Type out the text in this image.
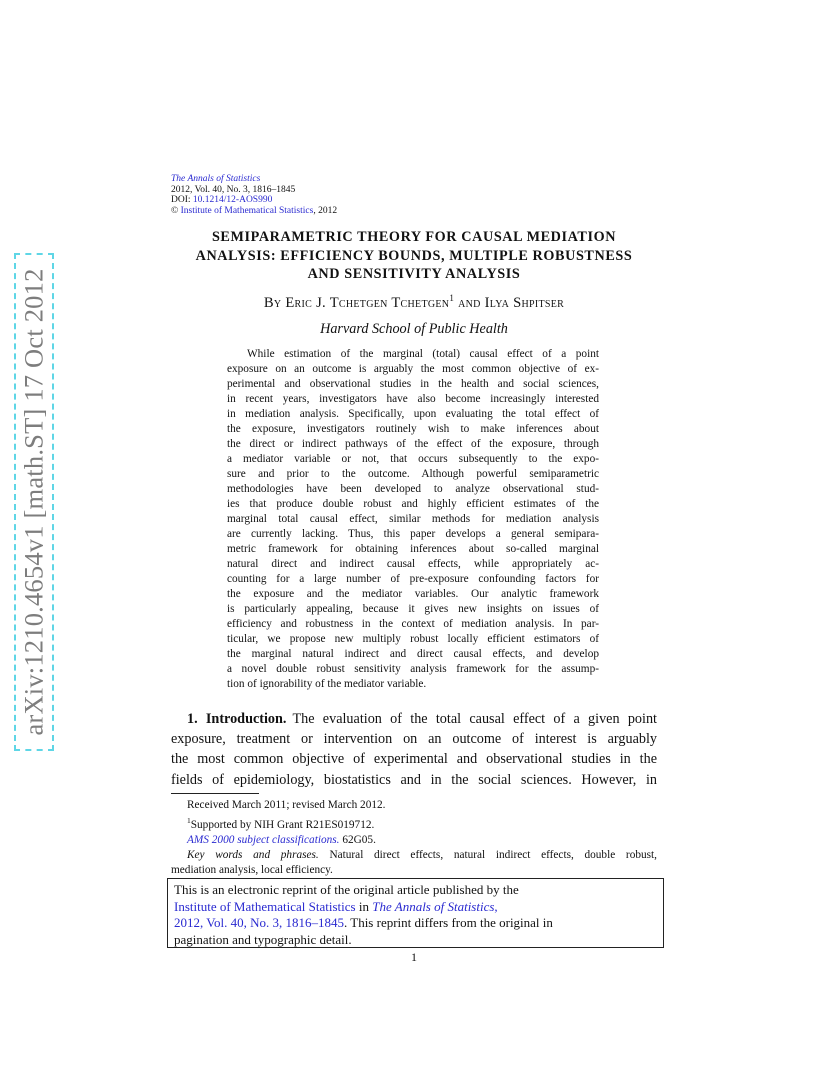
arXiv:1210.4654v1 [math.ST] 17 Oct 2012
The Annals of Statistics
2012, Vol. 40, No. 3, 1816–1845
DOI: 10.1214/12-AOS990
© Institute of Mathematical Statistics, 2012
SEMIPARAMETRIC THEORY FOR CAUSAL MEDIATION
ANALYSIS: EFFICIENCY BOUNDS, MULTIPLE ROBUSTNESS
AND SENSITIVITY ANALYSIS
By Eric J. Tchetgen Tchetgen$^1$ and Ilya Shpitser
Harvard School of Public Health
While estimation of the marginal (total) causal effect of a point
exposure on an outcome is arguably the most common objective of ex-
perimental and observational studies in the health and social sciences,
in recent years, investigators have also become increasingly interested
in mediation analysis. Specifically, upon evaluating the total effect of
the exposure, investigators routinely wish to make inferences about
the direct or indirect pathways of the effect of the exposure, through
a mediator variable or not, that occurs subsequently to the expo-
sure and prior to the outcome. Although powerful semiparametric
methodologies have been developed to analyze observational stud-
ies that produce double robust and highly efficient estimates of the
marginal total causal effect, similar methods for mediation analysis
are currently lacking. Thus, this paper develops a general semipara-
metric framework for obtaining inferences about so-called marginal
natural direct and indirect causal effects, while appropriately ac-
counting for a large number of pre-exposure confounding factors for
the exposure and the mediator variables. Our analytic framework
is particularly appealing, because it gives new insights on issues of
efficiency and robustness in the context of mediation analysis. In par-
ticular, we propose new multiply robust locally efficient estimators of
the marginal natural indirect and direct causal effects, and develop
a novel double robust sensitivity analysis framework for the assump-
tion of ignorability of the mediator variable.
1. Introduction. The evaluation of the total causal effect of a given point
exposure, treatment or intervention on an outcome of interest is arguably
the most common objective of experimental and observational studies in the
fields of epidemiology, biostatistics and in the social sciences. However, in
Received March 2011; revised March 2012.
$^1$Supported by NIH Grant R21ES019712.
AMS 2000 subject classifications. 62G05.
Key words and phrases. Natural direct effects, natural indirect effects, double robust,
mediation analysis, local efficiency.
This is an electronic reprint of the original article published by the
Institute of Mathematical Statistics in The Annals of Statistics,
2012, Vol. 40, No. 3, 1816–1845. This reprint differs from the original in
pagination and typographic detail.
1
